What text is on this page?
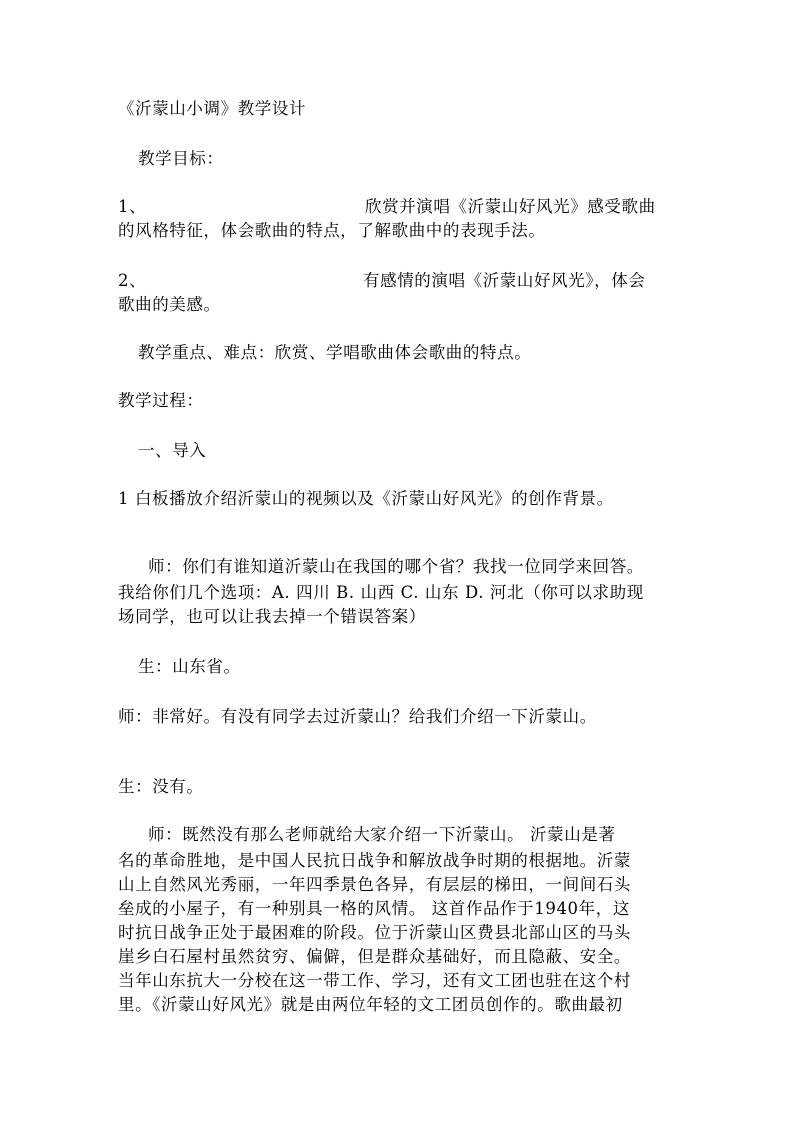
《沂蒙山小调》教学设计
教学目标：
1、	欣赏并演唱《沂蒙山好风光》感受歌曲
的风格特征，体会歌曲的特点，了解歌曲中的表现手法。
2、	有感情的演唱《沂蒙山好风光》，体会
歌曲的美感。
教学重点、难点：欣赏、学唱歌曲体会歌曲的特点。
教学过程：
一、导入
1 白板播放介绍沂蒙山的视频以及《沂蒙山好风光》的创作背景。
师：你们有谁知道沂蒙山在我国的哪个省？我找一位同学来回答。
我给你们几个选项：A. 四川 B. 山西 C. 山东 D. 河北（你可以求助现
场同学，也可以让我去掉一个错误答案）
生：山东省。
师：非常好。有没有同学去过沂蒙山？给我们介绍一下沂蒙山。
生：没有。
师：既然没有那么老师就给大家介绍一下沂蒙山。 沂蒙山是著
名的革命胜地，是中国人民抗日战争和解放战争时期的根据地。沂蒙
山上自然风光秀丽，一年四季景色各异，有层层的梯田，一间间石头
垒成的小屋子，有一种别具一格的风情。 这首作品作于1940年，这
时抗日战争正处于最困难的阶段。位于沂蒙山区费县北部山区的马头
崖乡白石屋村虽然贫穷、偏僻，但是群众基础好，而且隐蔽、安全。
当年山东抗大一分校在这一带工作、学习，还有文工团也驻在这个村
里。《沂蒙山好风光》就是由两位年轻的文工团员创作的。歌曲最初
